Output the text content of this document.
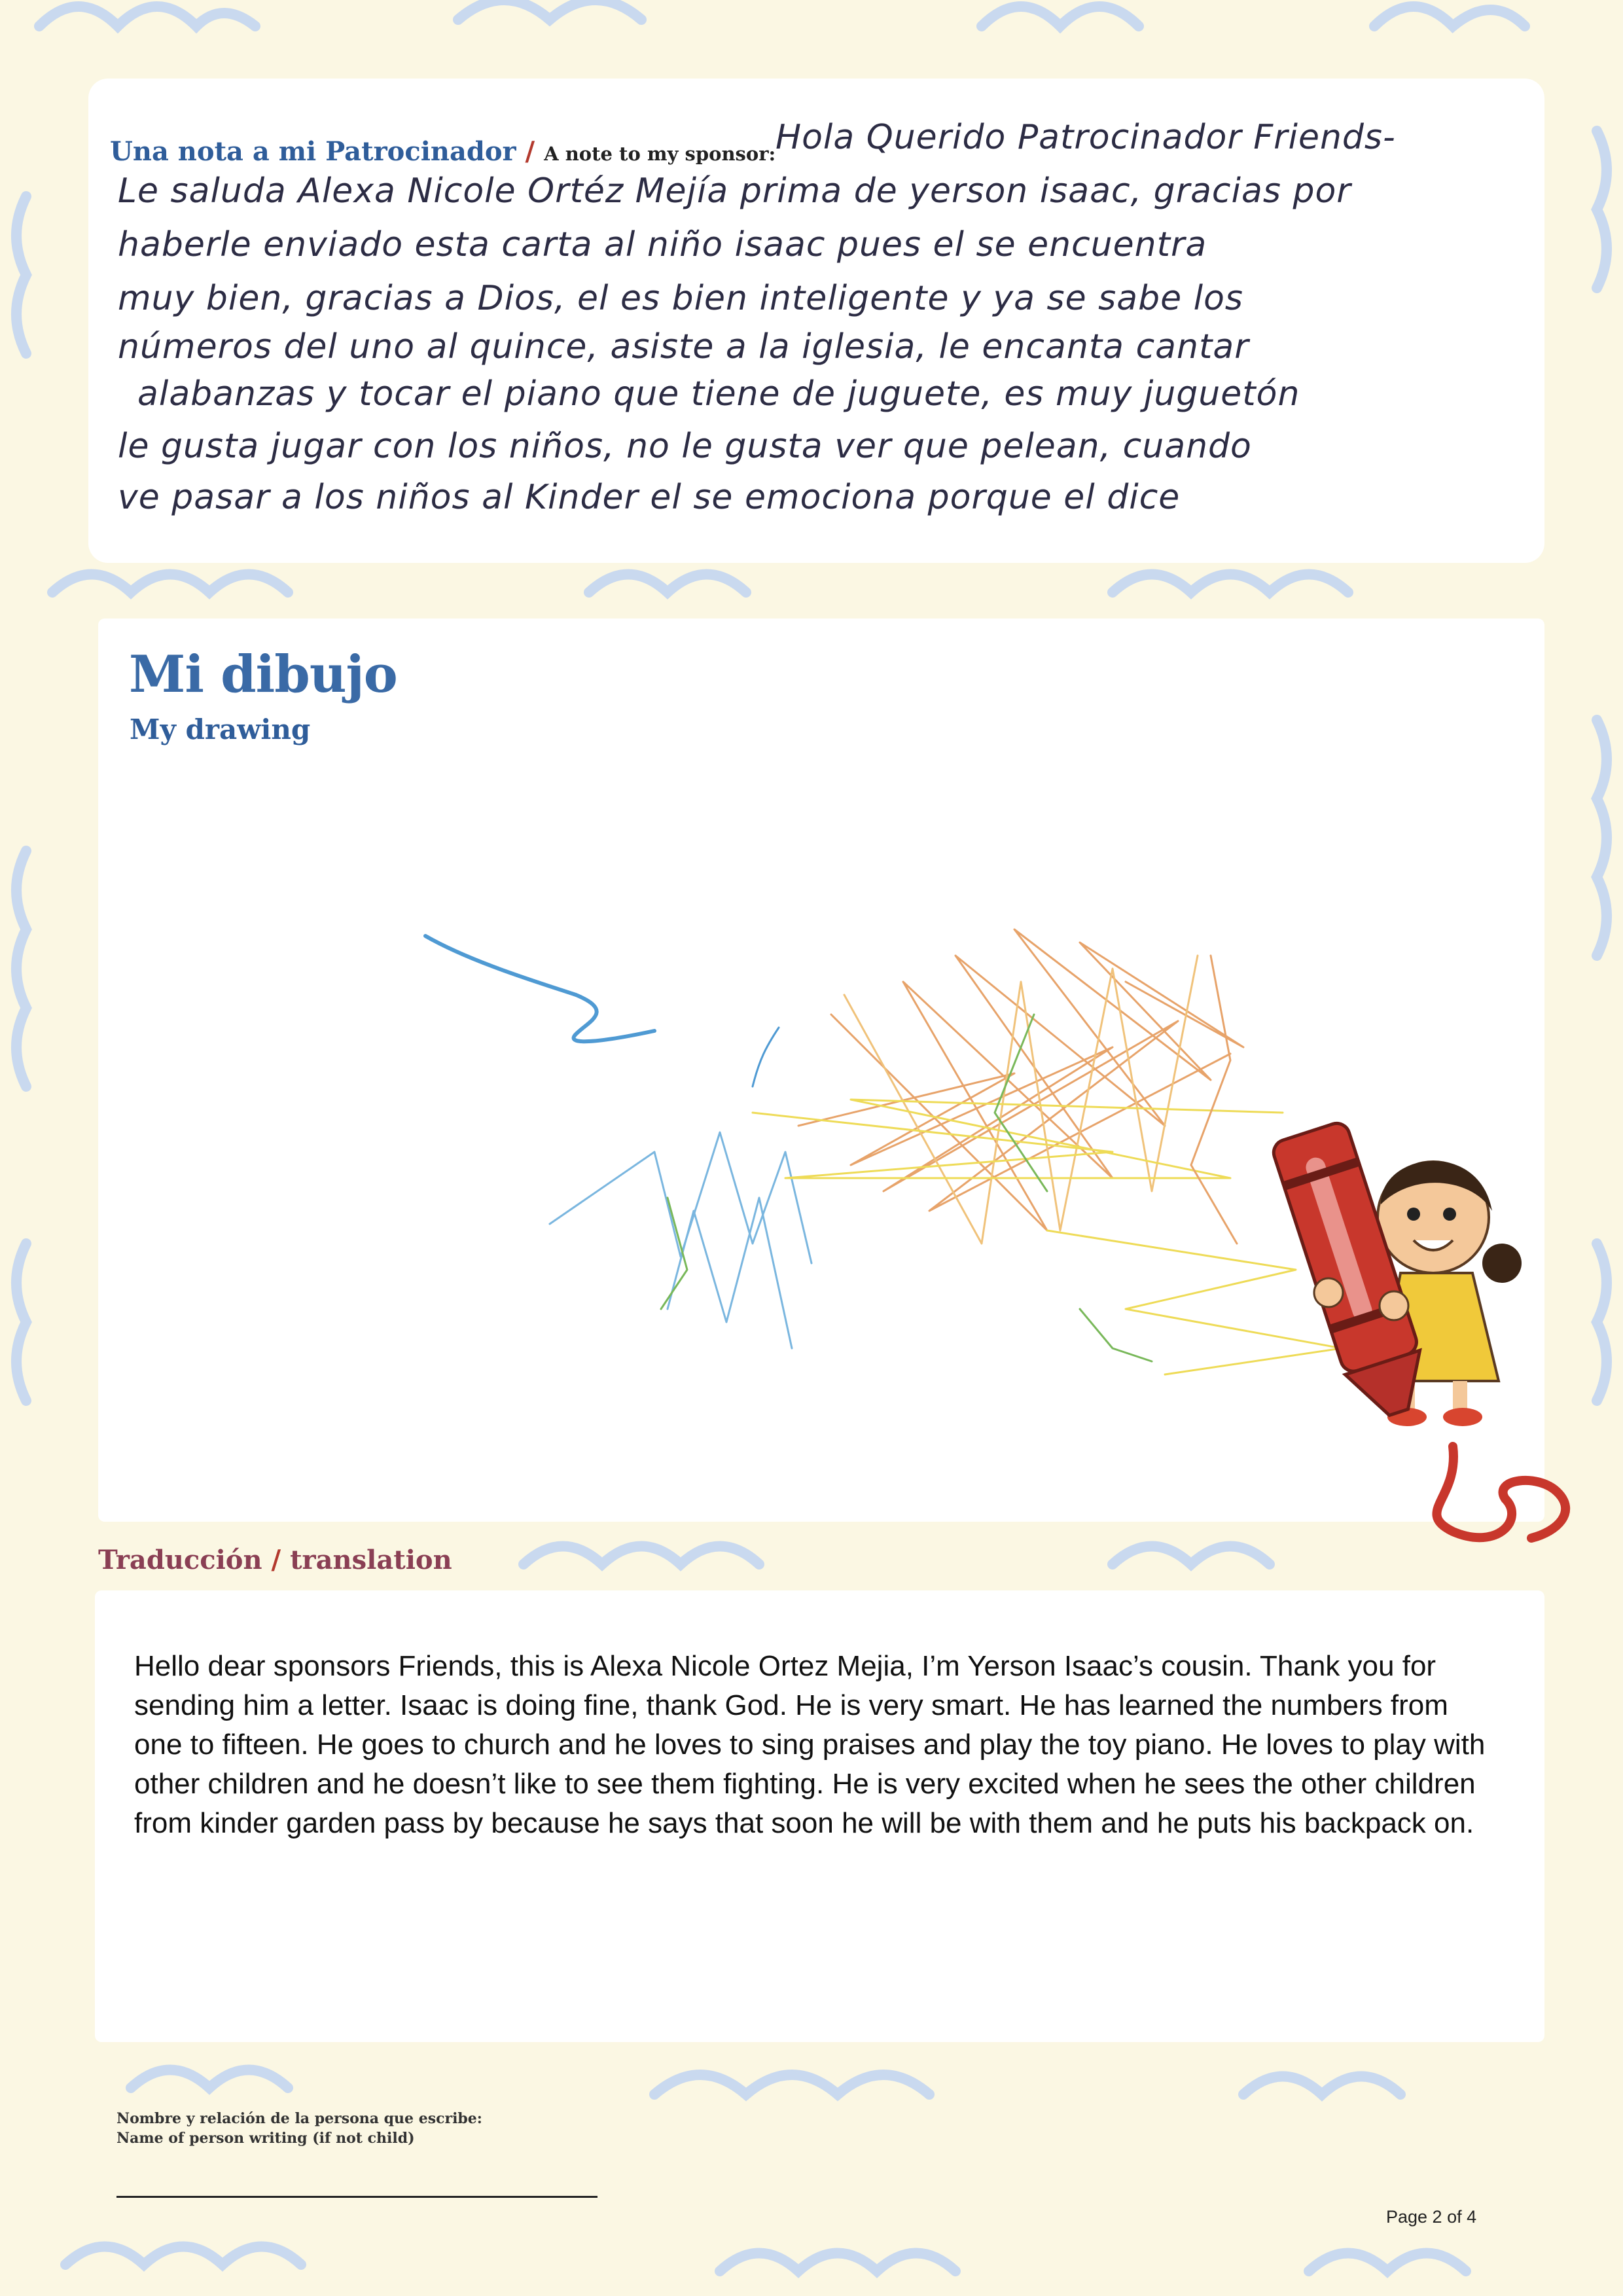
Una nota a mi Patrocinador / A note to my sponsor: Hola Querido Patrocinador Friends-
Le saluda Alexa Nicole Ortéz Mejía prima de yerson isaac, gracias por
haberle enviado esta carta al niño isaac pues el se encuentra
muy bien, gracias a Dios, el es bien inteligente y ya se sabe los
números del uno al quince, asiste a la iglesia, le encanta cantar
alabanzas y tocar el piano que tiene de juguete, es muy juguetón
le gusta jugar con los niños, no le gusta ver que pelean, cuando
ve pasar a los niños al Kinder el se emociona porque el dice
Mi dibujo
My drawing
Traducción / translation

Hello dear sponsors Friends, this is Alexa Nicole Ortez Mejia, I’m Yerson Isaac’s cousin. Thank you for sending him a letter. Isaac is doing fine, thank God. He is very smart. He has learned the numbers from one to fifteen. He goes to church and he loves to sing praises and play the toy piano. He loves to play with other children and he doesn’t like to see them fighting. He is very excited when he sees the other children from kinder garden pass by because he says that soon he will be with them and he puts his backpack on.

Nombre y relación de la persona que escribe:
Name of person writing (if not child)
Page 2 of 4
